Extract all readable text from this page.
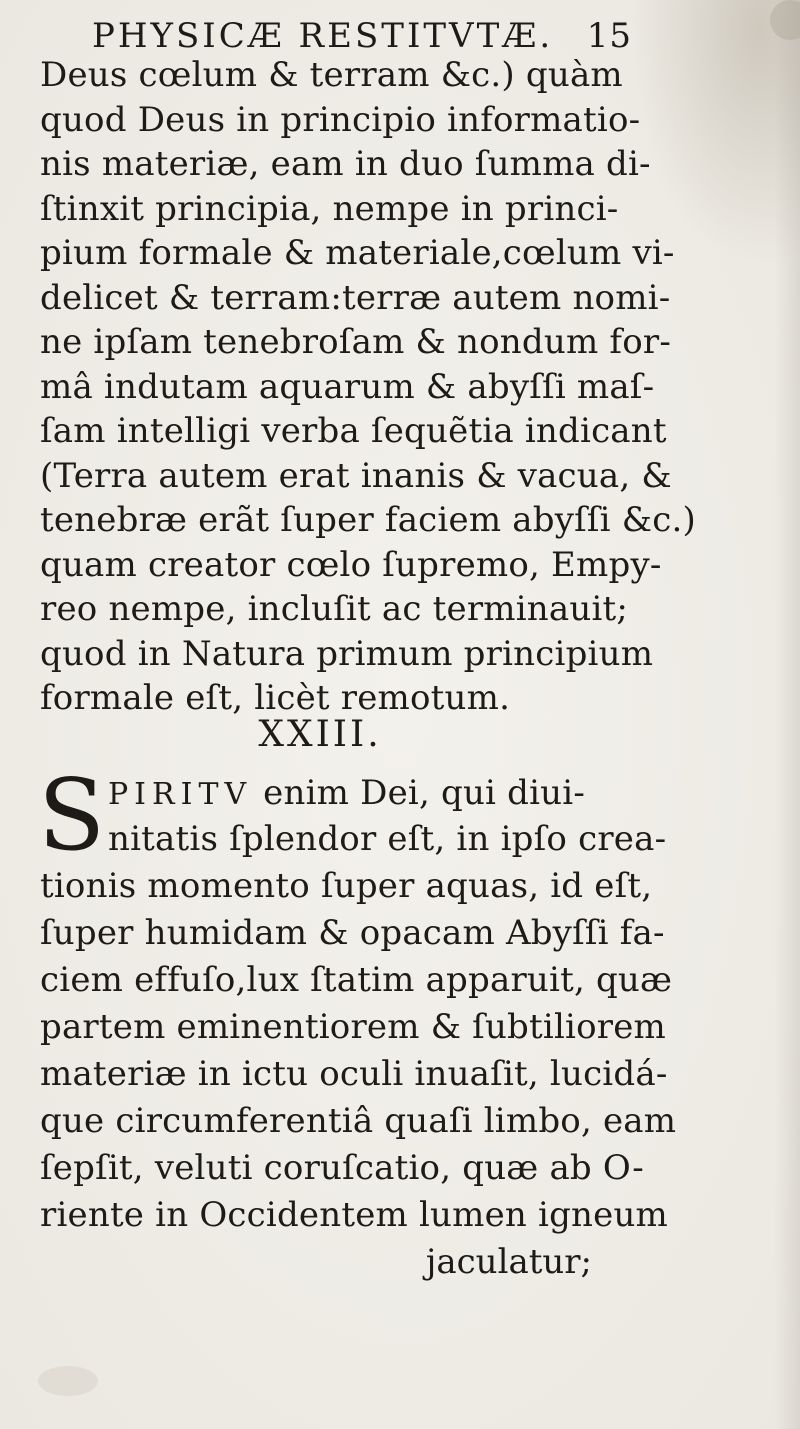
PHYSICÆ RESTITVTÆ. 15
Deus cœlum & terram &c.) quàm
quod Deus in principio informatio-
nis materiæ, eam in duo ſumma di-
ſtinxit principia, nempe in princi-
pium formale & materiale,cœlum vi-
delicet & terram:terræ autem nomi-
ne ipſam tenebroſam & nondum for-
mâ indutam aquarum & abyſſi maſ-
ſam intelligi verba ſequẽtia indicant
(Terra autem erat inanis & vacua, &
tenebræ erãt ſuper faciem abyſſi &c.)
quam creator cœlo ſupremo, Empy-
reo nempe, incluſit ac terminauit;
quod in Natura primum principium
formale eſt, licèt remotum.
XXIII.
S PIRITV enim Dei, qui diui-
nitatis ſplendor eſt, in ipſo crea-
tionis momento ſuper aquas, id eſt,
ſuper humidam & opacam Abyſſi fa-
ciem effuſo,lux ſtatim apparuit, quæ
partem eminentiorem & ſubtiliorem
materiæ in ictu oculi inuaſit, lucidá-
que circumferentiâ quaſi limbo, eam
ſepſit, veluti coruſcatio, quæ ab O-
riente in Occidentem lumen igneum
jaculatur;
